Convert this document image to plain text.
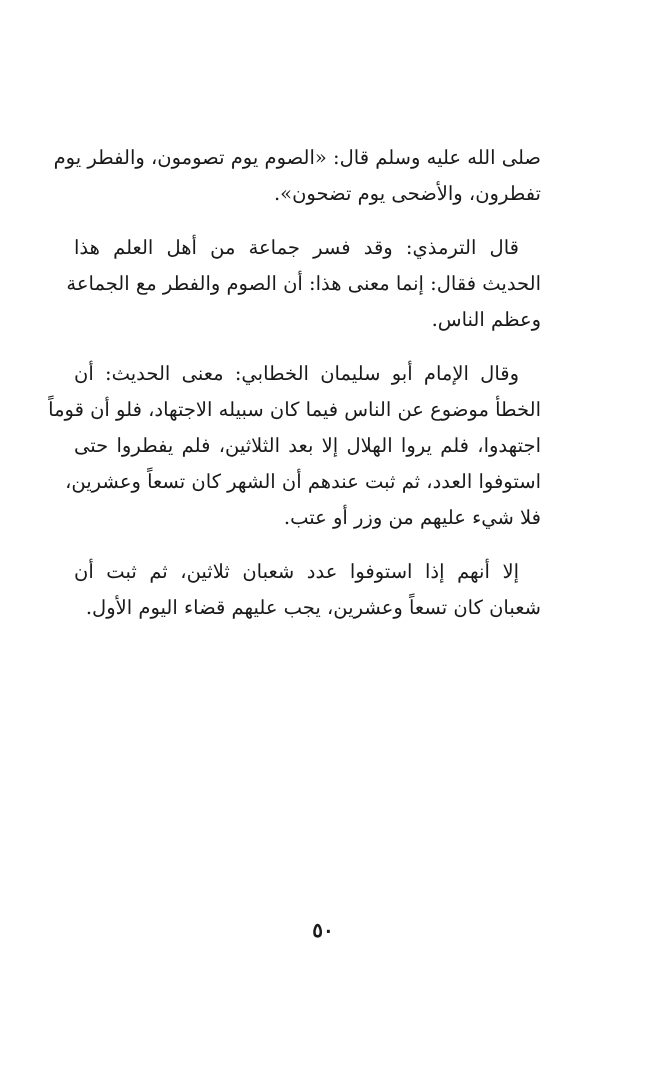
صلى الله عليه وسلم قال: «الصوم يوم تصومون، والفطر يوم
تفطرون، والأضحى يوم تضحون».

قال الترمذي: وقد فسر جماعة من أهل العلم هذا
الحديث فقال: إنما معنى هذا: أن الصوم والفطر مع الجماعة
وعظم الناس.

وقال الإمام أبو سليمان الخطابي: معنى الحديث: أن
الخطأ موضوع عن الناس فيما كان سبيله الاجتهاد، فلو أن قوماً
اجتهدوا، فلم يروا الهلال إلا بعد الثلاثين، فلم يفطروا حتى
استوفوا العدد، ثم ثبت عندهم أن الشهر كان تسعاً وعشرين،
فلا شيء عليهم من وزر أو عتب.

إلا أنهم إذا استوفوا عدد شعبان ثلاثين، ثم ثبت أن
شعبان كان تسعاً وعشرين، يجب عليهم قضاء اليوم الأول.

٥٠
